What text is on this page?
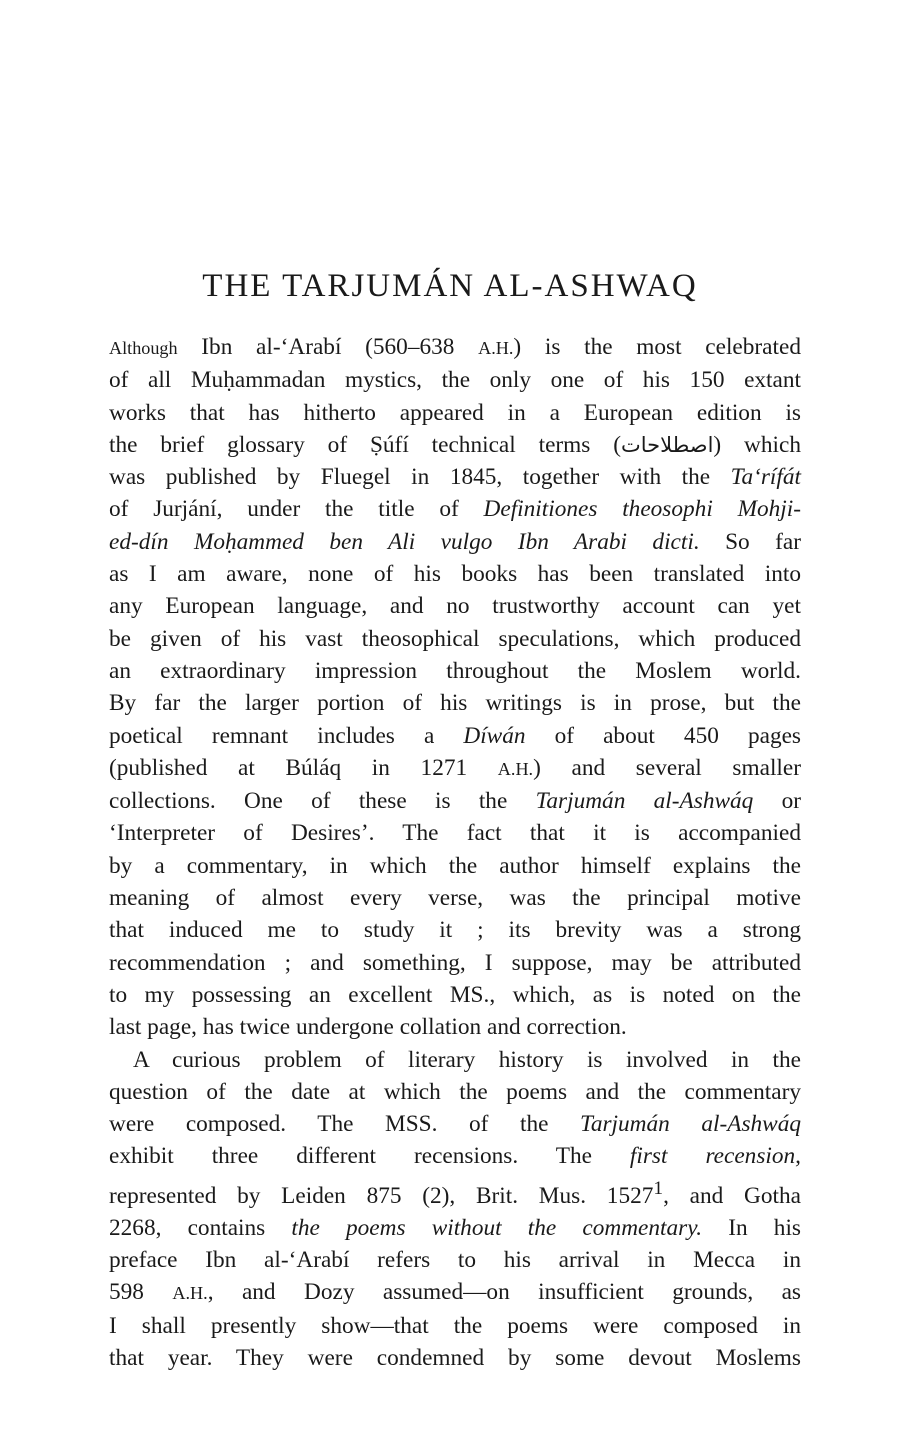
THE TARJUMÁN AL-ASHWAQ
Although Ibn al-ʻArabí (560–638 A.H.) is the most celebrated
of all Muḥammadan mystics, the only one of his 150 extant
works that has hitherto appeared in a European edition is
the brief glossary of Ṣúfí technical terms (اصطلاحات) which
was published by Fluegel in 1845, together with the Taʻrífát
of Jurjání, under the title of Definitiones theosophi Mohji-
ed-dín Moḥammed ben Ali vulgo Ibn Arabi dicti. So far
as I am aware, none of his books has been translated into
any European language, and no trustworthy account can yet
be given of his vast theosophical speculations, which produced
an extraordinary impression throughout the Moslem world.
By far the larger portion of his writings is in prose, but the
poetical remnant includes a Díwán of about 450 pages
(published at Búláq in 1271 A.H.) and several smaller
collections. One of these is the Tarjumán al-Ashwáq or
‘Interpreter of Desires’. The fact that it is accompanied
by a commentary, in which the author himself explains the
meaning of almost every verse, was the principal motive
that induced me to study it ; its brevity was a strong
recommendation ; and something, I suppose, may be attributed
to my possessing an excellent MS., which, as is noted on the
last page, has twice undergone collation and correction.
A curious problem of literary history is involved in the
question of the date at which the poems and the commentary
were composed. The MSS. of the Tarjumán al-Ashwáq
exhibit three different recensions. The first recension,
represented by Leiden 875 (2), Brit. Mus. 1527$^1$, and Gotha
2268, contains the poems without the commentary. In his
preface Ibn al-ʻArabí refers to his arrival in Mecca in
598 A.H., and Dozy assumed—on insufficient grounds, as
I shall presently show—that the poems were composed in
that year. They were condemned by some devout Moslems
